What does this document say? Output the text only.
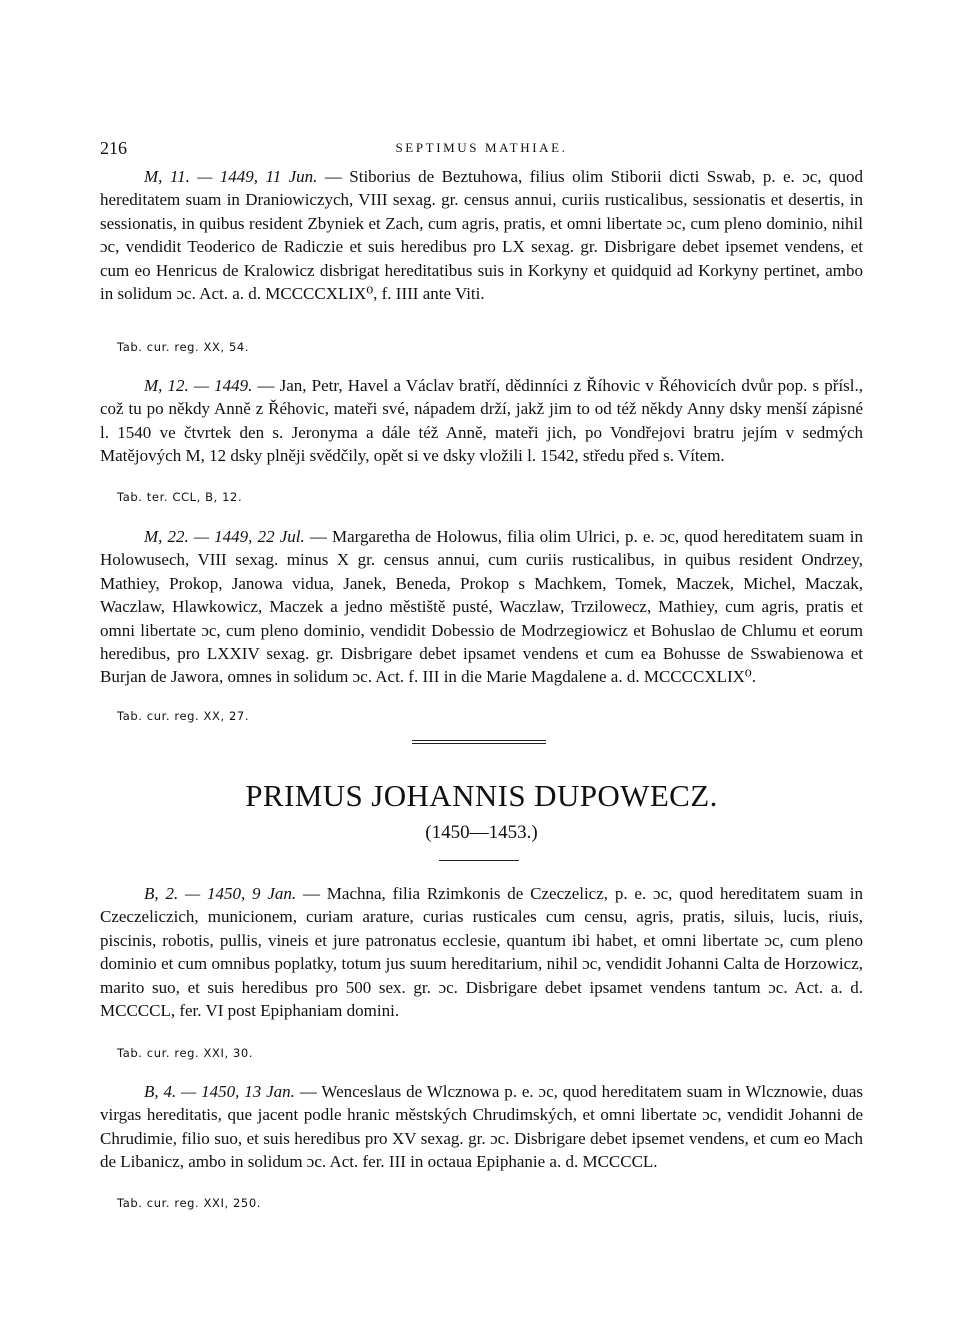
216	SEPTIMUS MATHIAE.

M, 11. — 1449, 11 Jun. — Stiborius de Beztuhowa, filius olim Stiborii dicti Sswab, p. e. ɔc, quod hereditatem suam in Draniowiczych, VIII sexag. gr. census annui, curiis rusticalibus, sessionatis et desertis, in sessionatis, in quibus resident Zbyniek et Zach, cum agris, pratis, et omni libertate ɔc, cum pleno dominio, nihil ɔc, vendidit Teoderico de Radiczie et suis heredibus pro LX sexag. gr. Disbrigare debet ipsemet vendens, et cum eo Henricus de Kralowicz disbrigat hereditatibus suis in Korkyny et quidquid ad Korkyny pertinet, ambo in solidum ɔc. Act. a. d. MCCCCXLIX⁰, f. IIII ante Viti.

Tab. cur. reg. XX, 54.

M, 12. — 1449. — Jan, Petr, Havel a Václav bratří, dědinníci z Říhovic v Řéhovicích dvůr pop. s přísl., což tu po někdy Anně z Řéhovic, mateři své, nápadem drží, jakž jim to od též někdy Anny dsky menší zápisné l. 1540 ve čtvrtek den s. Jeronyma a dále též Anně, mateři jich, po Vondřejovi bratru jejím v sedmých Matějových M, 12 dsky plněji svědčily, opět si ve dsky vložili l. 1542, středu před s. Vítem.

Tab. ter. CCL, B, 12.

M, 22. — 1449, 22 Jul. — Margaretha de Holowus, filia olim Ulrici, p. e. ɔc, quod hereditatem suam in Holowusech, VIII sexag. minus X gr. census annui, cum curiis rusticalibus, in quibus resident Ondrzey, Mathiey, Prokop, Janowa vidua, Janek, Beneda, Prokop s Machkem, Tomek, Maczek, Michel, Maczak, Waczlaw, Hlawkowicz, Maczek a jedno městiště pusté, Waczlaw, Trzilowecz, Mathiey, cum agris, pratis et omni libertate ɔc, cum pleno dominio, vendidit Dobessio de Modrzegiowicz et Bohuslao de Chlumu et eorum heredibus, pro LXXIV sexag. gr. Disbrigare debet ipsamet vendens et cum ea Bohusse de Sswabienowa et Burjan de Jawora, omnes in solidum ɔc. Act. f. III in die Marie Magdalene a. d. MCCCCXLIX⁰.

Tab. cur. reg. XX, 27.
PRIMUS JOHANNIS DUPOWECZ.
(1450—1453.)

B, 2. — 1450, 9 Jan. — Machna, filia Rzimkonis de Czeczelicz, p. e. ɔc, quod hereditatem suam in Czeczeliczich, municionem, curiam arature, curias rusticales cum censu, agris, pratis, siluis, lucis, riuis, piscinis, robotis, pullis, vineis et jure patronatus ecclesie, quantum ibi habet, et omni libertate ɔc, cum pleno dominio et cum omnibus poplatky, totum jus suum hereditarium, nihil ɔc, vendidit Johanni Calta de Horzowicz, marito suo, et suis heredibus pro 500 sex. gr. ɔc. Disbrigare debet ipsamet vendens tantum ɔc. Act. a. d. MCCCCL, fer. VI post Epiphaniam domini.

Tab. cur. reg. XXI, 30.

B, 4. — 1450, 13 Jan. — Wenceslaus de Wlcznowa p. e. ɔc, quod hereditatem suam in Wlcznowie, duas virgas hereditatis, que jacent podle hranic městských Chrudimských, et omni libertate ɔc, vendidit Johanni de Chrudimie, filio suo, et suis heredibus pro XV sexag. gr. ɔc. Disbrigare debet ipsemet vendens, et cum eo Mach de Libanicz, ambo in solidum ɔc. Act. fer. III in octaua Epiphanie a. d. MCCCCL.

Tab. cur. reg. XXI, 250.
